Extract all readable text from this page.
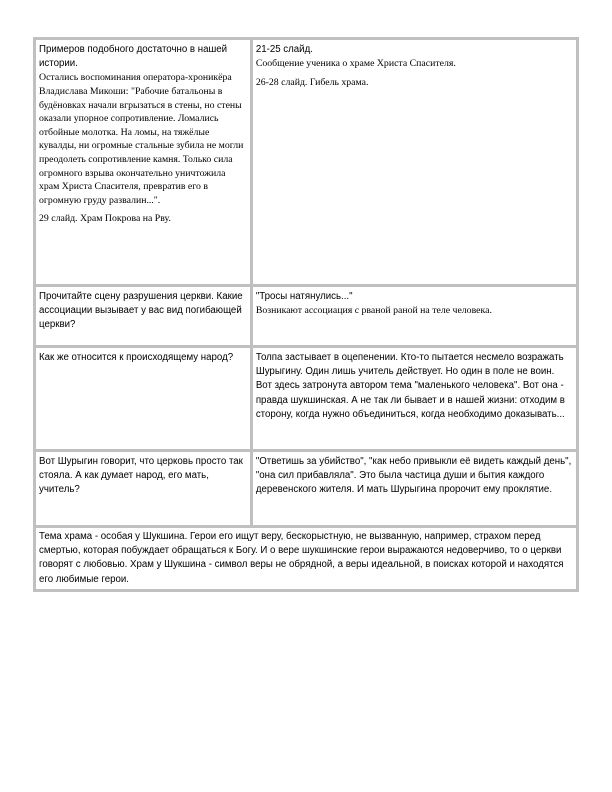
Примеров подобного достаточно в нашей истории.

Остались воспоминания оператора-хроникёра Владислава Микоши: "Рабочие батальоны в будёновках начали вгрызаться в стены, но стены оказали упорное сопротивление. Ломались отбойные молотка. На ломы, на тяжёлые кувалды, ни огромные стальные зубила не могли преодолеть сопротивление камня. Только сила огромного взрыва окончательно уничтожила храм Христа Спасителя, превратив его в огромную груду развалин...".

29 слайд. Храм Покрова на Рву.

21-25 слайд.

Сообщение ученика о храме Христа Спасителя.

26-28 слайд. Гибель храма.

Прочитайте сцену разрушения церкви. Какие ассоциации вызывает у вас вид погибающей церкви?

"Тросы натянулись..."

Возникают ассоциация с рваной раной на теле человека.

Как же относится к происходящему народ?	Толпа застывает в оцепенении. Кто-то пытается несмело возражать Шурыгину. Один лишь учитель действует. Но один в поле не воин. Вот здесь затронута автором тема "маленького человека". Вот она - правда шукшинская. А не так ли бывает и в нашей жизни: отходим в сторону, когда нужно объединиться, когда необходимо доказывать...

Вот Шурыгин говорит, что церковь просто так стояла. А как думает народ, его мать, учитель?

"Ответишь за убийство", "как небо привыкли её видеть каждый день", "она сил прибавляла". Это была частица души и бытия каждого деревенского жителя. И мать Шурыгина пророчит ему проклятие.

Тема храма - особая у Шукшина. Герои его ищут веру, бескорыстную, не вызванную, например, страхом перед смертью, которая побуждает обращаться к Богу. И о вере шукшинские герои выражаются недоверчиво, то о церкви говорят с любовью. Храм у Шукшина - символ веры не обрядной, а веры идеальной, в поисках которой и находятся его любимые герои.
